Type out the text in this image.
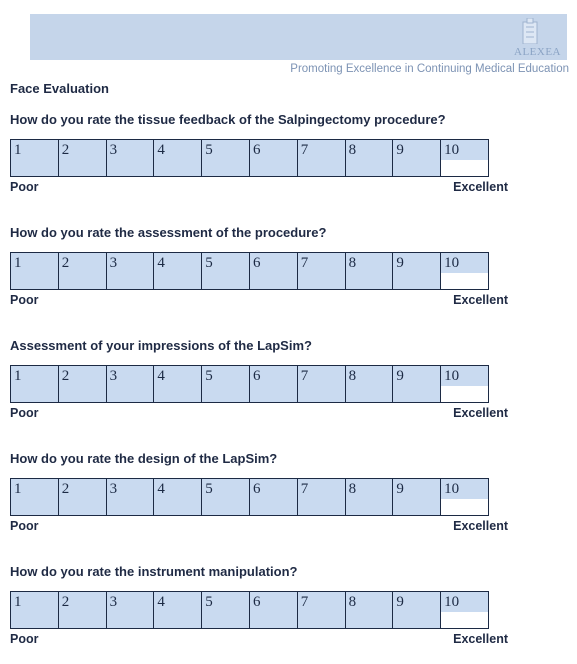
ALEXEA
Promoting Excellence in Continuing Medical Education
Face Evaluation
How do you rate the tissue feedback of the Salpingectomy procedure?
1	2	3	4	5	6	7	8	9	10
Poor	Excellent
How do you rate the assessment of the procedure?
1	2	3	4	5	6	7	8	9	10
Poor	Excellent
Assessment of your impressions of the LapSim?
1	2	3	4	5	6	7	8	9	10
Poor	Excellent
How do you rate the design of the LapSim?
1	2	3	4	5	6	7	8	9	10
Poor	Excellent
How do you rate the instrument manipulation?
1	2	3	4	5	6	7	8	9	10
Poor	Excellent
